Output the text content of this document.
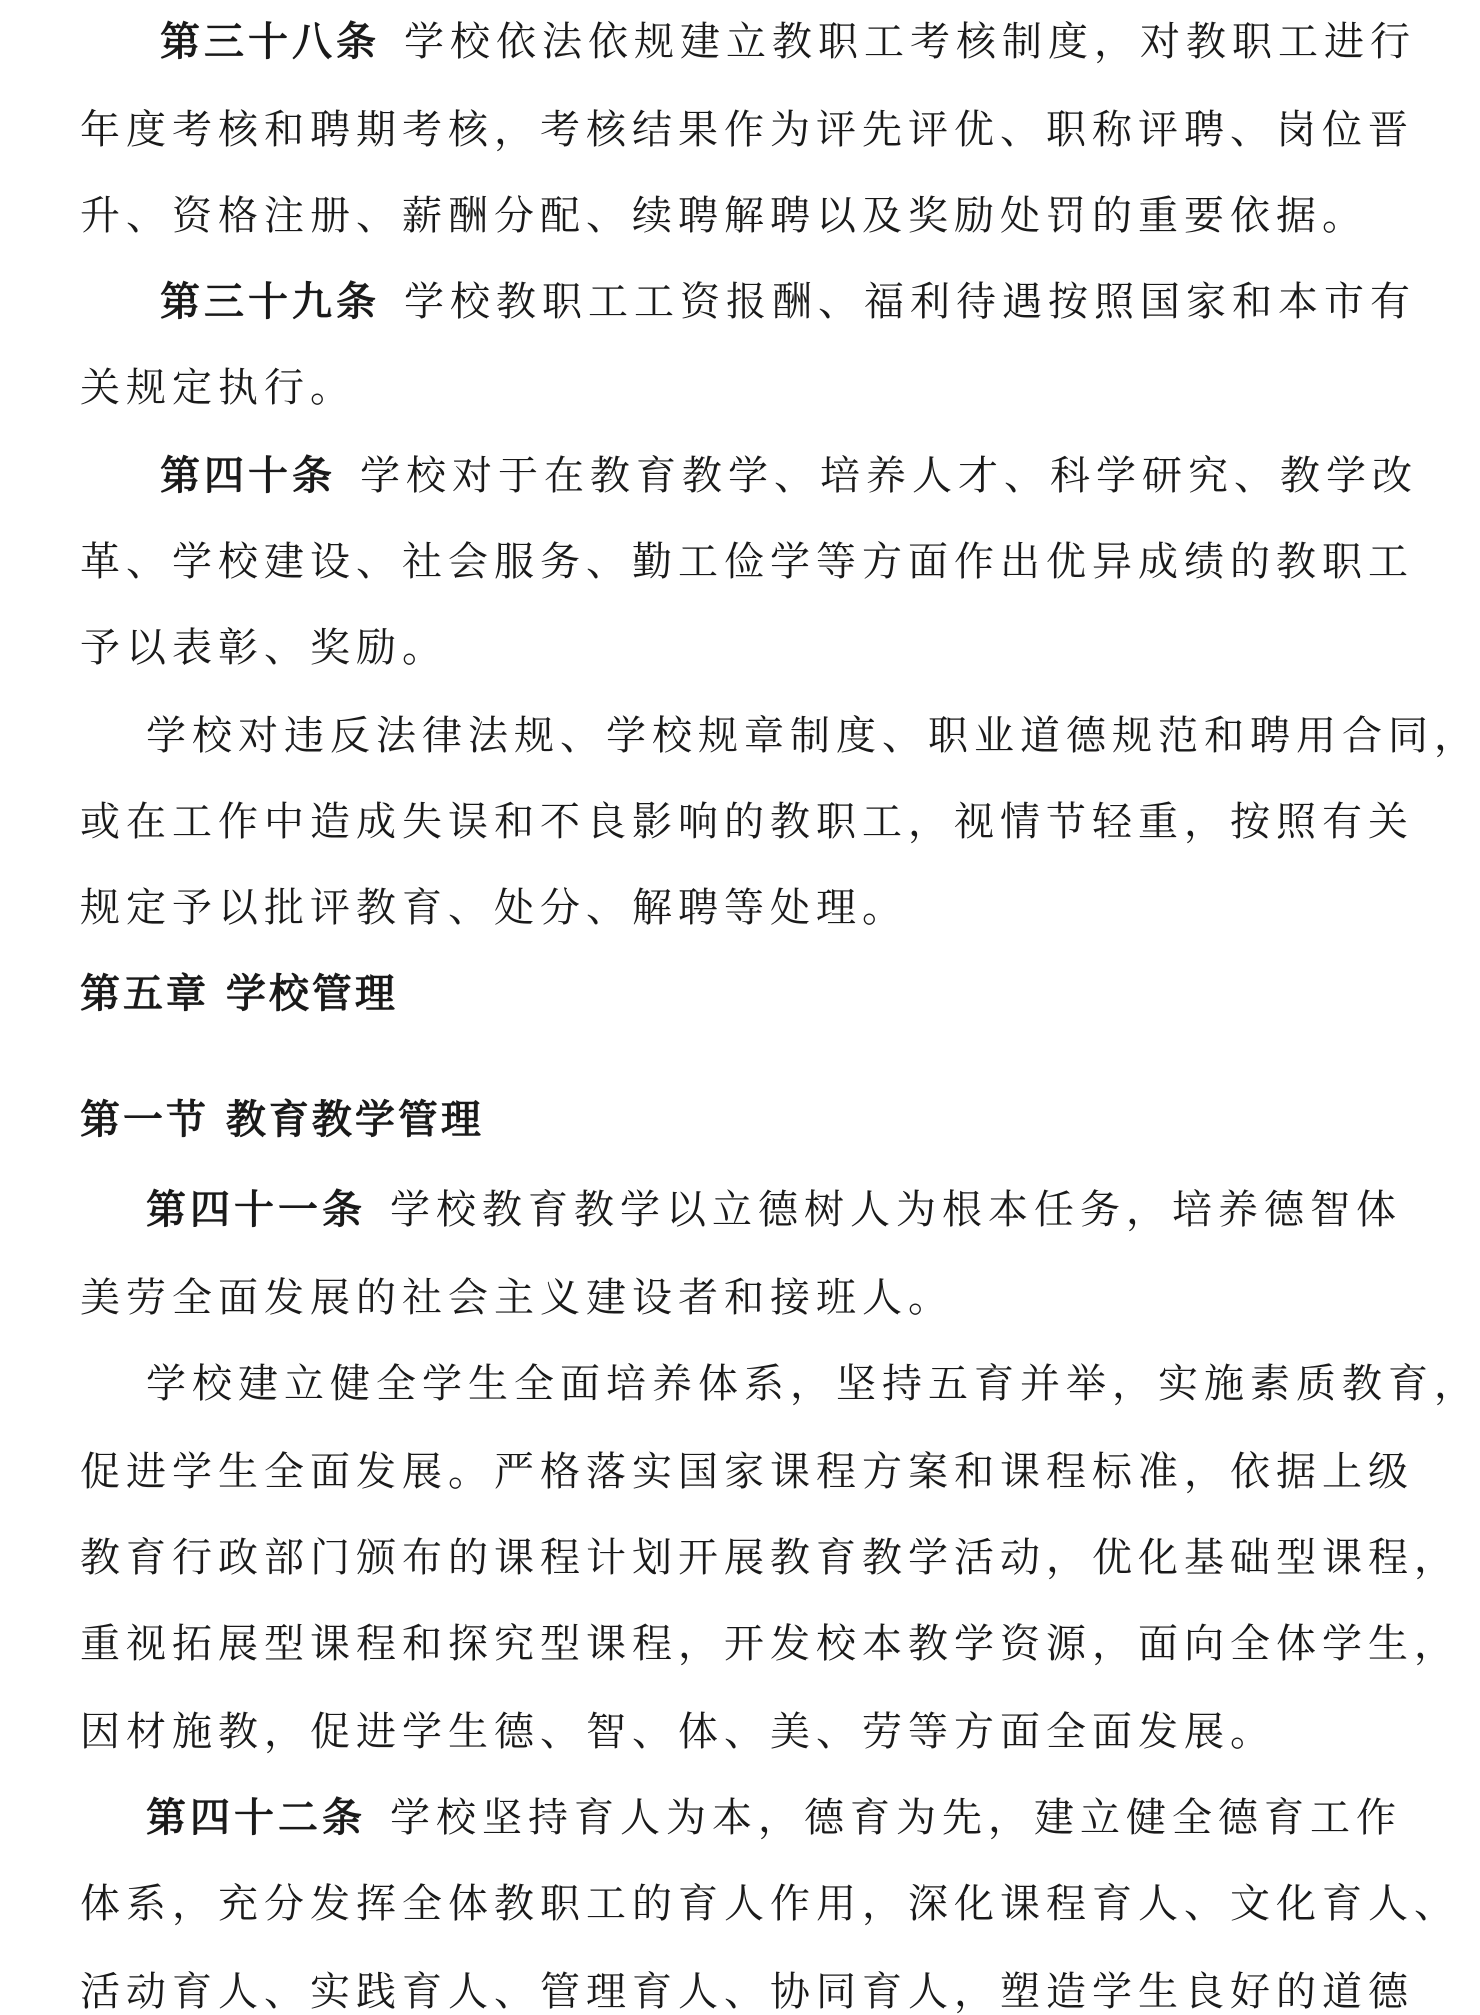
第三十八条 学校依法依规建立教职工考核制度，对教职工进行
年度考核和聘期考核，考核结果作为评先评优、职称评聘、岗位晋
升、资格注册、薪酬分配、续聘解聘以及奖励处罚的重要依据。
第三十九条 学校教职工工资报酬、福利待遇按照国家和本市有
关规定执行。
第四十条 学校对于在教育教学、培养人才、科学研究、教学改
革、学校建设、社会服务、勤工俭学等方面作出优异成绩的教职工
予以表彰、奖励。
学校对违反法律法规、学校规章制度、职业道德规范和聘用合同，
或在工作中造成失误和不良影响的教职工，视情节轻重，按照有关
规定予以批评教育、处分、解聘等处理。
第五章 学校管理
第一节 教育教学管理
第四十一条 学校教育教学以立德树人为根本任务，培养德智体
美劳全面发展的社会主义建设者和接班人。
学校建立健全学生全面培养体系，坚持五育并举，实施素质教育，
促进学生全面发展。严格落实国家课程方案和课程标准，依据上级
教育行政部门颁布的课程计划开展教育教学活动，优化基础型课程，
重视拓展型课程和探究型课程，开发校本教学资源，面向全体学生，
因材施教，促进学生德、智、体、美、劳等方面全面发展。
第四十二条 学校坚持育人为本，德育为先，建立健全德育工作
体系，充分发挥全体教职工的育人作用，深化课程育人、文化育人、
活动育人、实践育人、管理育人、协同育人，塑造学生良好的道德
